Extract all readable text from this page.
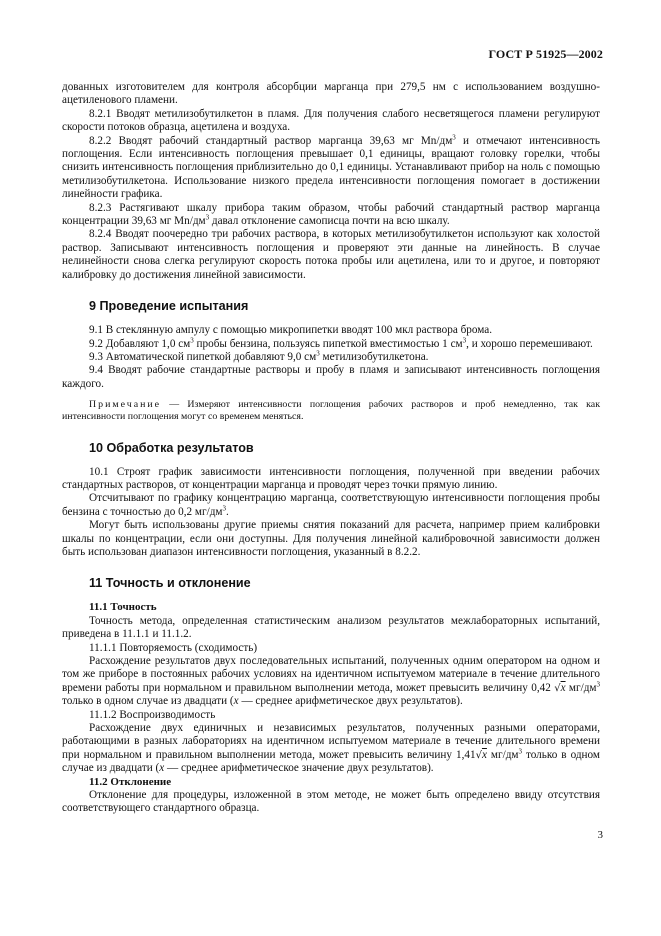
ГОСТ Р 51925—2002

дованных изготовителем для контроля абсорбции марганца при 279,5 нм с использованием воздушно-ацетиленового пламени.

8.2.1 Вводят метилизобутилкетон в пламя. Для получения слабого несветящегося пламени регулируют скорости потоков образца, ацетилена и воздуха.

8.2.2 Вводят рабочий стандартный раствор марганца 39,63 мг $Mn/дм^3$ и отмечают интенсивность поглощения. Если интенсивность поглощения превышает 0,1 единицы, вращают головку горелки, чтобы снизить интенсивность поглощения приблизительно до 0,1 единицы. Устанавливают прибор на ноль с помощью метилизобутилкетона. Использование низкого предела интенсивности поглощения помогает в достижении линейности графика.

8.2.3 Растягивают шкалу прибора таким образом, чтобы рабочий стандартный раствор марганца концентрации 39,63 мг $Mn/дм^3$ давал отклонение самописца почти на всю шкалу.

8.2.4 Вводят поочередно три рабочих раствора, в которых метилизобутилкетон используют как холостой раствор. Записывают интенсивность поглощения и проверяют эти данные на линейность. В случае нелинейности снова слегка регулируют скорость потока пробы или ацетилена, или то и другое, и повторяют калибровку до достижения линейной зависимости.

9 Проведение испытания

9.1 В стеклянную ампулу с помощью микропипетки вводят 100 мкл раствора брома.

9.2 Добавляют 1,0 $см^3$ пробы бензина, пользуясь пипеткой вместимостью 1 $см^3$, и хорошо перемешивают.

9.3 Автоматической пипеткой добавляют 9,0 $см^3$ метилизобутилкетона.

9.4 Вводят рабочие стандартные растворы и пробу в пламя и записывают интенсивность поглощения каждого.

Примечание — Измеряют интенсивности поглощения рабочих растворов и проб немедленно, так как интенсивности поглощения могут со временем меняться.

10 Обработка результатов

10.1 Строят график зависимости интенсивности поглощения, полученной при введении рабочих стандартных растворов, от концентрации марганца и проводят через точки прямую линию.

Отсчитывают по графику концентрацию марганца, соответствующую интенсивности поглощения пробы бензина с точностью до 0,2 $мг/дм^3$.

Могут быть использованы другие приемы снятия показаний для расчета, например прием калибровки шкалы по концентрации, если они доступны. Для получения линейной калибровочной зависимости должен быть использован диапазон интенсивности поглощения, указанный в 8.2.2.

11 Точность и отклонение

11.1 Точность

Точность метода, определенная статистическим анализом результатов межлабораторных испытаний, приведена в 11.1.1 и 11.1.2.

11.1.1 Повторяемость (сходимость)

Расхождение результатов двух последовательных испытаний, полученных одним оператором на одном и том же приборе в постоянных рабочих условиях на идентичном испытуемом материале в течение длительного времени работы при нормальном и правильном выполнении метода, может превысить величину 0,42 √x $мг/дм^3$ только в одном случае из двадцати (x — среднее арифметическое двух результатов).

11.1.2 Воспроизводимость

Расхождение двух единичных и независимых результатов, полученных разными операторами, работающими в разных лабораториях на идентичном испытуемом материале в течение длительного времени при нормальном и правильном выполнении метода, может превысить величину 1,41√x $мг/дм^3$ только в одном случае из двадцати (x — среднее арифметическое значение двух результатов).

11.2 Отклонение

Отклонение для процедуры, изложенной в этом методе, не может быть определено ввиду отсутствия соответствующего стандартного образца.

3
